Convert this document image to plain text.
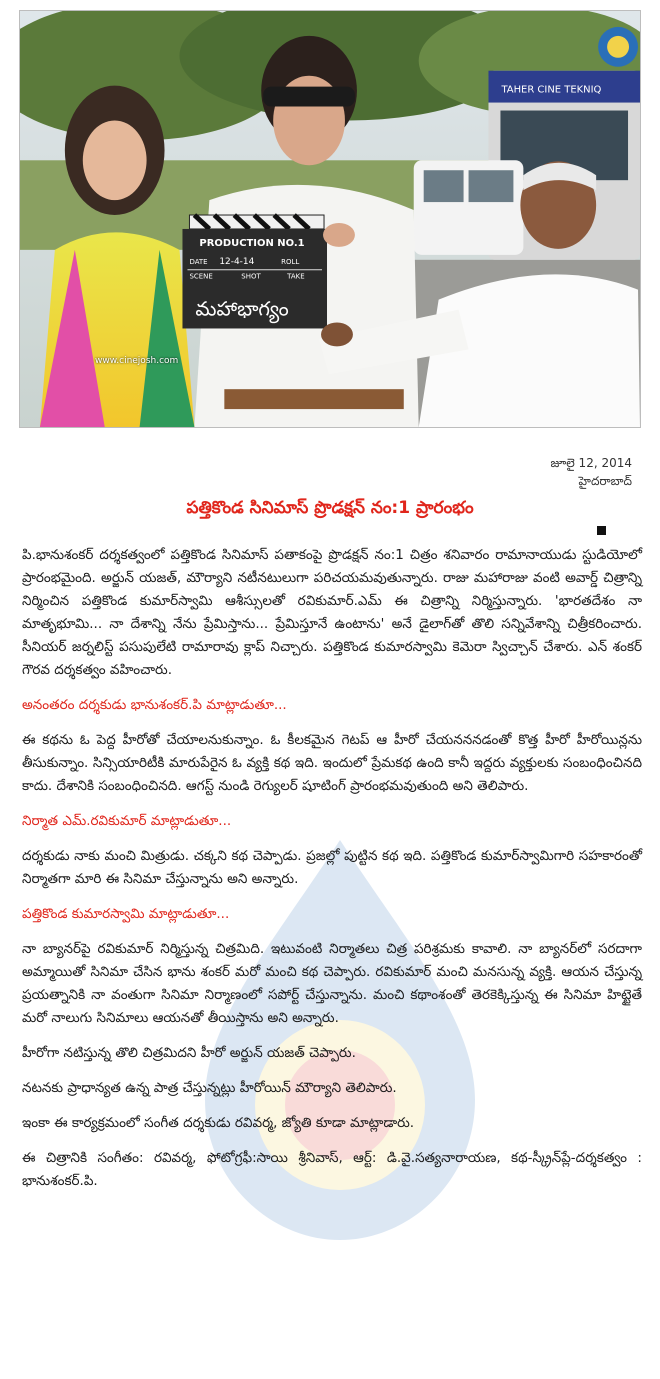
TAHER CINE TEKNIQ
PRODUCTION NO.1
DATE 12-4-14	ROLL
SCENE	SHOT	TAKE
మహాభాగ్యం
www.cinejosh.com
జూలై 12, 2014
హైదరాబాద్
పత్తికొండ సినిమాస్ ప్రొడక్షన్ నం:1 ప్రారంభం

పి.భానుశంకర్ దర్శకత్వంలో పత్తికొండ సినిమాస్ పతాకంపై ప్రొడక్షన్ నం:1 చిత్రం శనివారం రామానాయుడు స్టుడియోలో ప్రారంభమైంది. అర్జున్ యజత్, మౌర్యాని నటీనటులుగా పరిచయమవుతున్నారు. రాజు మహారాజు వంటి అవార్డ్ చిత్రాన్ని నిర్మించిన పత్తికొండ కుమార్‌స్వామి ఆశీస్సులతో రవికుమార్.ఎమ్ ఈ చిత్రాన్ని నిర్మిస్తున్నారు. 'భారతదేశం నా మాతృభూమి... నా దేశాన్ని నేను ప్రేమిస్తాను... ప్రేమిస్తూనే ఉంటాను' అనే డైలాగ్‌తో తొలి సన్నివేశాన్ని చిత్రీకరించారు. సీనియర్ జర్నలిస్ట్ పసుపులేటి రామారావు క్లాప్ నిచ్చారు. పత్తికొండ కుమారస్వామి కెమెరా స్విచ్చాన్ చేశారు. ఎన్ శంకర్ గౌరవ దర్శకత్వం వహించారు.

అనంతరం దర్శకుడు భానుశంకర్.పి మాట్లాడుతూ...

ఈ కథను ఓ పెద్ద హీరోతో చేయాలనుకున్నాం. ఓ కీలకమైన గెటప్ ఆ హీరో చేయనననడంతో కొత్త హీరో హీరోయిన్లను తీసుకున్నాం. సిన్సియారిటీకి మారుపేరైన ఓ వ్యక్తి కథ ఇది. ఇందులో ప్రేమకథ ఉంది కానీ ఇద్దరు వ్యక్తులకు సంబంధించినది కాదు. దేశానికి సంబంధించినది. ఆగస్ట్ నుండి రెగ్యులర్ షూటింగ్ ప్రారంభమవుతుంది అని తెలిపారు.

నిర్మాత ఎమ్.రవికుమార్ మాట్లాడుతూ...

దర్శకుడు నాకు మంచి మిత్రుడు. చక్కని కథ చెప్పాడు. ప్రజల్లో పుట్టిన కథ ఇది. పత్తికొండ కుమార్‌స్వామిగారి సహకారంతో నిర్మాతగా మారి ఈ సినిమా చేస్తున్నాను అని అన్నారు.

పత్తికొండ కుమారస్వామి మాట్లాడుతూ...

నా బ్యానర్‌పై రవికుమార్ నిర్మిస్తున్న చిత్రమిది. ఇటువంటి నిర్మాతలు చిత్ర పరిశ్రమకు కావాలి. నా బ్యానర్‌లో సరదాగా అమ్మాయితో సినిమా చేసిన భాను శంకర్ మరో మంచి కథ చెప్పారు. రవికుమార్ మంచి మనసున్న వ్యక్తి. ఆయన చేస్తున్న ప్రయత్నానికి నా వంతుగా సినిమా నిర్మాణంలో సపోర్ట్ చేస్తున్నాను. మంచి కథాంశంతో తెరకెక్కిస్తున్న ఈ సినిమా హిట్టైతే మరో నాలుగు సినిమాలు ఆయనతో తీయిస్తాను అని అన్నారు.

హీరోగా నటిస్తున్న తొలి చిత్రమిదని హీరో అర్జున్ యజత్ చెప్పారు.

నటనకు ప్రాధాన్యత ఉన్న పాత్ర చేస్తున్నట్లు హీరోయిన్ మౌర్యాని తెలిపారు.

ఇంకా ఈ కార్యక్రమంలో సంగీత దర్శకుడు రవివర్మ, జ్యోతి కూడా మాట్లాడారు.

ఈ చిత్రానికి సంగీతం: రవివర్మ, ఫోటోగ్రఫీ:సాయి శ్రీనివాస్, ఆర్ట్: డి.వై.సత్యనారాయణ, కథ-స్క్రీన్‌ప్లే-దర్శకత్వం : భానుశంకర్.పి.
